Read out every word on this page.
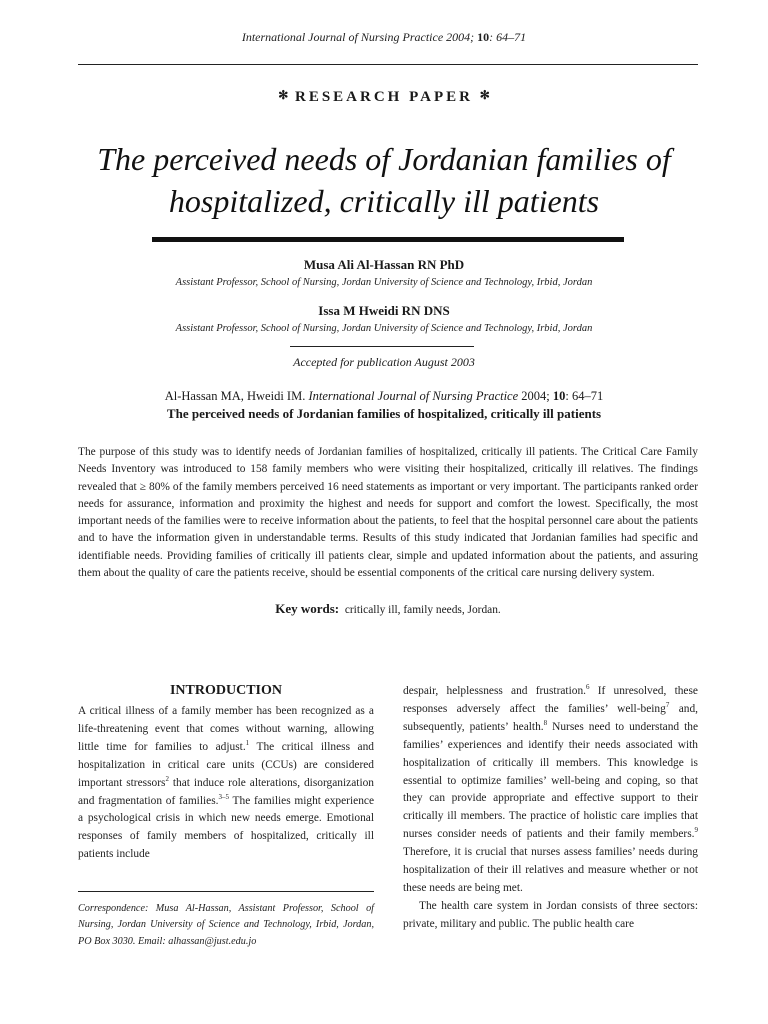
International Journal of Nursing Practice 2004; 10: 64–71
✻ RESEARCH PAPER ✻
The perceived needs of Jordanian families of
hospitalized, critically ill patients
Musa Ali Al-Hassan RN PhD
Assistant Professor, School of Nursing, Jordan University of Science and Technology, Irbid, Jordan
Issa M Hweidi RN DNS
Assistant Professor, School of Nursing, Jordan University of Science and Technology, Irbid, Jordan
Accepted for publication August 2003
Al-Hassan MA, Hweidi IM. International Journal of Nursing Practice 2004; 10: 64–71
The perceived needs of Jordanian families of hospitalized, critically ill patients
The purpose of this study was to identify needs of Jordanian families of hospitalized, critically ill patients. The Critical Care Family Needs Inventory was introduced to 158 family members who were visiting their hospitalized, critically ill relatives. The findings revealed that ≥ 80% of the family members perceived 16 need statements as important or very important. The participants ranked order needs for assurance, information and proximity the highest and needs for support and comfort the lowest. Specifically, the most important needs of the families were to receive information about the patients, to feel that the hospital personnel care about the patients and to have the information given in understandable terms. Results of this study indicated that Jordanian families had specific and identifiable needs. Providing families of critically ill patients clear, simple and updated information about the patients, and assuring them about the quality of care the patients receive, should be essential components of the critical care nursing delivery system.
Key words: critically ill, family needs, Jordan.
INTRODUCTION
A critical illness of a family member has been recognized as a life-threatening event that comes without warning, allowing little time for families to adjust.$^1$ The critical illness and hospitalization in critical care units (CCUs) are considered important stressors$^2$ that induce role alterations, disorganization and fragmentation of families.$^{3-5}$ The families might experience a psychological crisis in which new needs emerge. Emotional responses of family members of hospitalized, critically ill patients include

despair, helplessness and frustration.$^6$ If unresolved, these responses adversely affect the families’ well-being$^7$ and, subsequently, patients’ health.$^8$ Nurses need to understand the families’ experiences and identify their needs associated with hospitalization of critically ill members. This knowledge is essential to optimize families’ well-being and coping, so that they can provide appropriate and effective support to their critically ill members. The practice of holistic care implies that nurses consider needs of patients and their family members.$^9$ Therefore, it is crucial that nurses assess families’ needs during hospitalization of their ill relatives and measure whether or not these needs are being met.

The health care system in Jordan consists of three sectors: private, military and public. The public health care

Correspondence: Musa Al-Hassan, Assistant Professor, School of Nursing, Jordan University of Science and Technology, Irbid, Jordan, PO Box 3030. Email: alhassan@just.edu.jo
